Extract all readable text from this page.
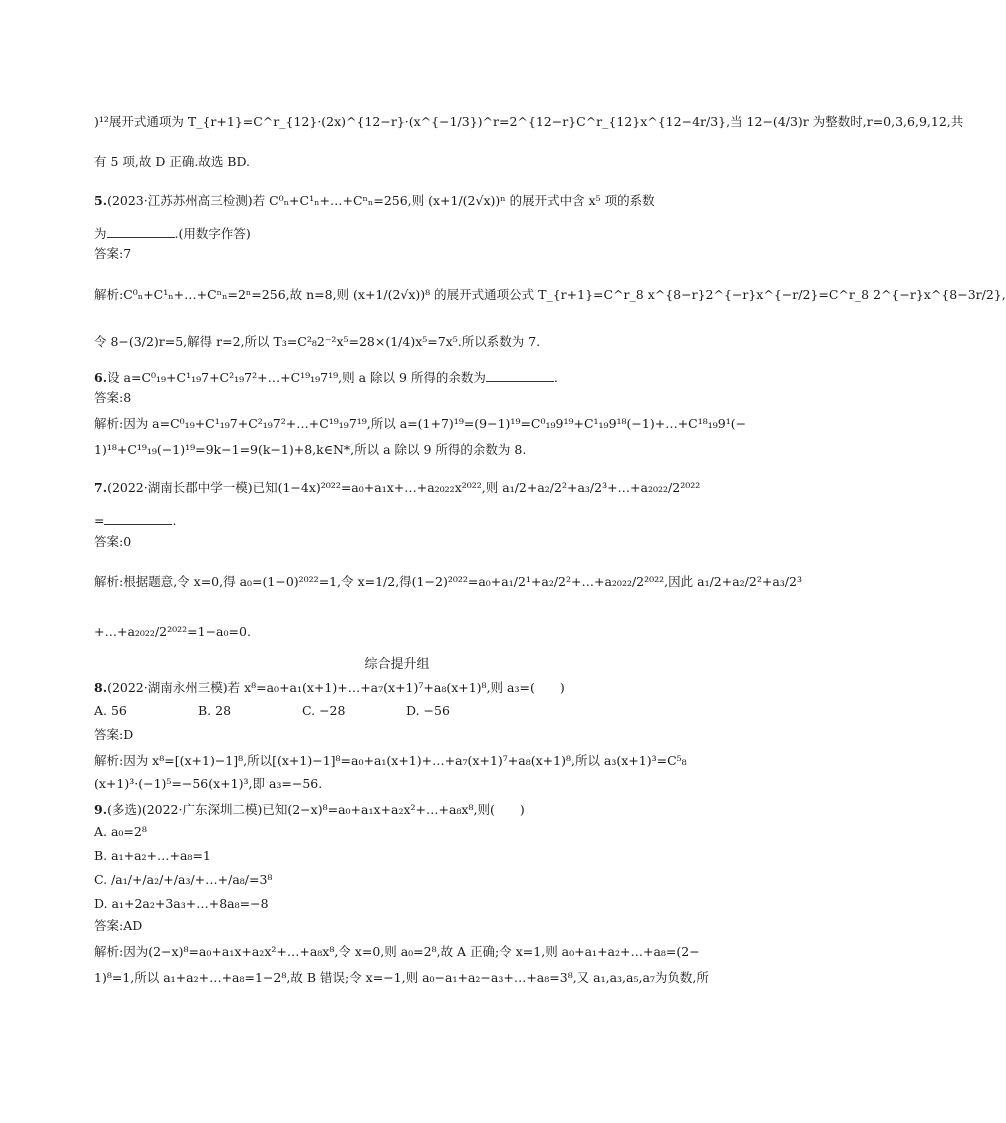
)¹²展开式通项为 T_{r+1}=C^r_{12}·(2x)^{12−r}·(x^{−1/3})^r=2^{12−r}C^r_{12}x^{12−4r/3},当 12−(4/3)r 为整数时,r=0,3,6,9,12,共
有 5 项,故 D 正确.故选 BD.
5.(2023·江苏苏州高三检测)若 C⁰ₙ+C¹ₙ+…+Cⁿₙ=256,则 (x+1/(2√x))ⁿ 的展开式中含 x⁵ 项的系数
为	.(用数字作答)
答案:7
解析:C⁰ₙ+C¹ₙ+…+Cⁿₙ=2ⁿ=256,故 n=8,则 (x+1/(2√x))⁸ 的展开式通项公式 T_{r+1}=C^r_8 x^{8−r}2^{−r}x^{−r/2}=C^r_8 2^{−r}x^{8−3r/2},
令 8−(3/2)r=5,解得 r=2,所以 T₃=C²₈2⁻²x⁵=28×(1/4)x⁵=7x⁵.所以系数为 7.
6.设 a=C⁰₁₉+C¹₁₉7+C²₁₉7²+…+C¹⁹₁₉7¹⁹,则 a 除以 9 所得的余数为	.
答案:8
解析:因为 a=C⁰₁₉+C¹₁₉7+C²₁₉7²+…+C¹⁹₁₉7¹⁹,所以 a=(1+7)¹⁹=(9−1)¹⁹=C⁰₁₉9¹⁹+C¹₁₉9¹⁸(−1)+…+C¹⁸₁₉9¹(−
1)¹⁸+C¹⁹₁₉(−1)¹⁹=9k−1=9(k−1)+8,k∈N*,所以 a 除以 9 所得的余数为 8.
7.(2022·湖南长郡中学一模)已知(1−4x)²⁰²²=a₀+a₁x+…+a₂₀₂₂x²⁰²²,则 a₁/2+a₂/2²+a₃/2³+…+a₂₀₂₂/2²⁰²²
=	.
答案:0
解析:根据题意,令 x=0,得 a₀=(1−0)²⁰²²=1,令 x=1/2,得(1−2)²⁰²²=a₀+a₁/2¹+a₂/2²+…+a₂₀₂₂/2²⁰²²,因此 a₁/2+a₂/2²+a₃/2³
+…+a₂₀₂₂/2²⁰²²=1−a₀=0.
综合提升组
8.(2022·湖南永州三模)若 x⁸=a₀+a₁(x+1)+…+a₇(x+1)⁷+a₈(x+1)⁸,则 a₃=(　　)
A. 56	B. 28	C. −28	D. −56
答案:D
解析:因为 x⁸=[(x+1)−1]⁸,所以[(x+1)−1]⁸=a₀+a₁(x+1)+…+a₇(x+1)⁷+a₈(x+1)⁸,所以 a₃(x+1)³=C⁵₈
(x+1)³·(−1)⁵=−56(x+1)³,即 a₃=−56.
9.(多选)(2022·广东深圳二模)已知(2−x)⁸=a₀+a₁x+a₂x²+…+a₈x⁸,则(　　)
A. a₀=2⁸
B. a₁+a₂+…+a₈=1
C. /a₁/+/a₂/+/a₃/+…+/a₈/=3⁸
D. a₁+2a₂+3a₃+…+8a₈=−8
答案:AD
解析:因为(2−x)⁸=a₀+a₁x+a₂x²+…+a₈x⁸,令 x=0,则 a₀=2⁸,故 A 正确;令 x=1,则 a₀+a₁+a₂+…+a₈=(2−
1)⁸=1,所以 a₁+a₂+…+a₈=1−2⁸,故 B 错误;令 x=−1,则 a₀−a₁+a₂−a₃+…+a₈=3⁸,又 a₁,a₃,a₅,a₇为负数,所
